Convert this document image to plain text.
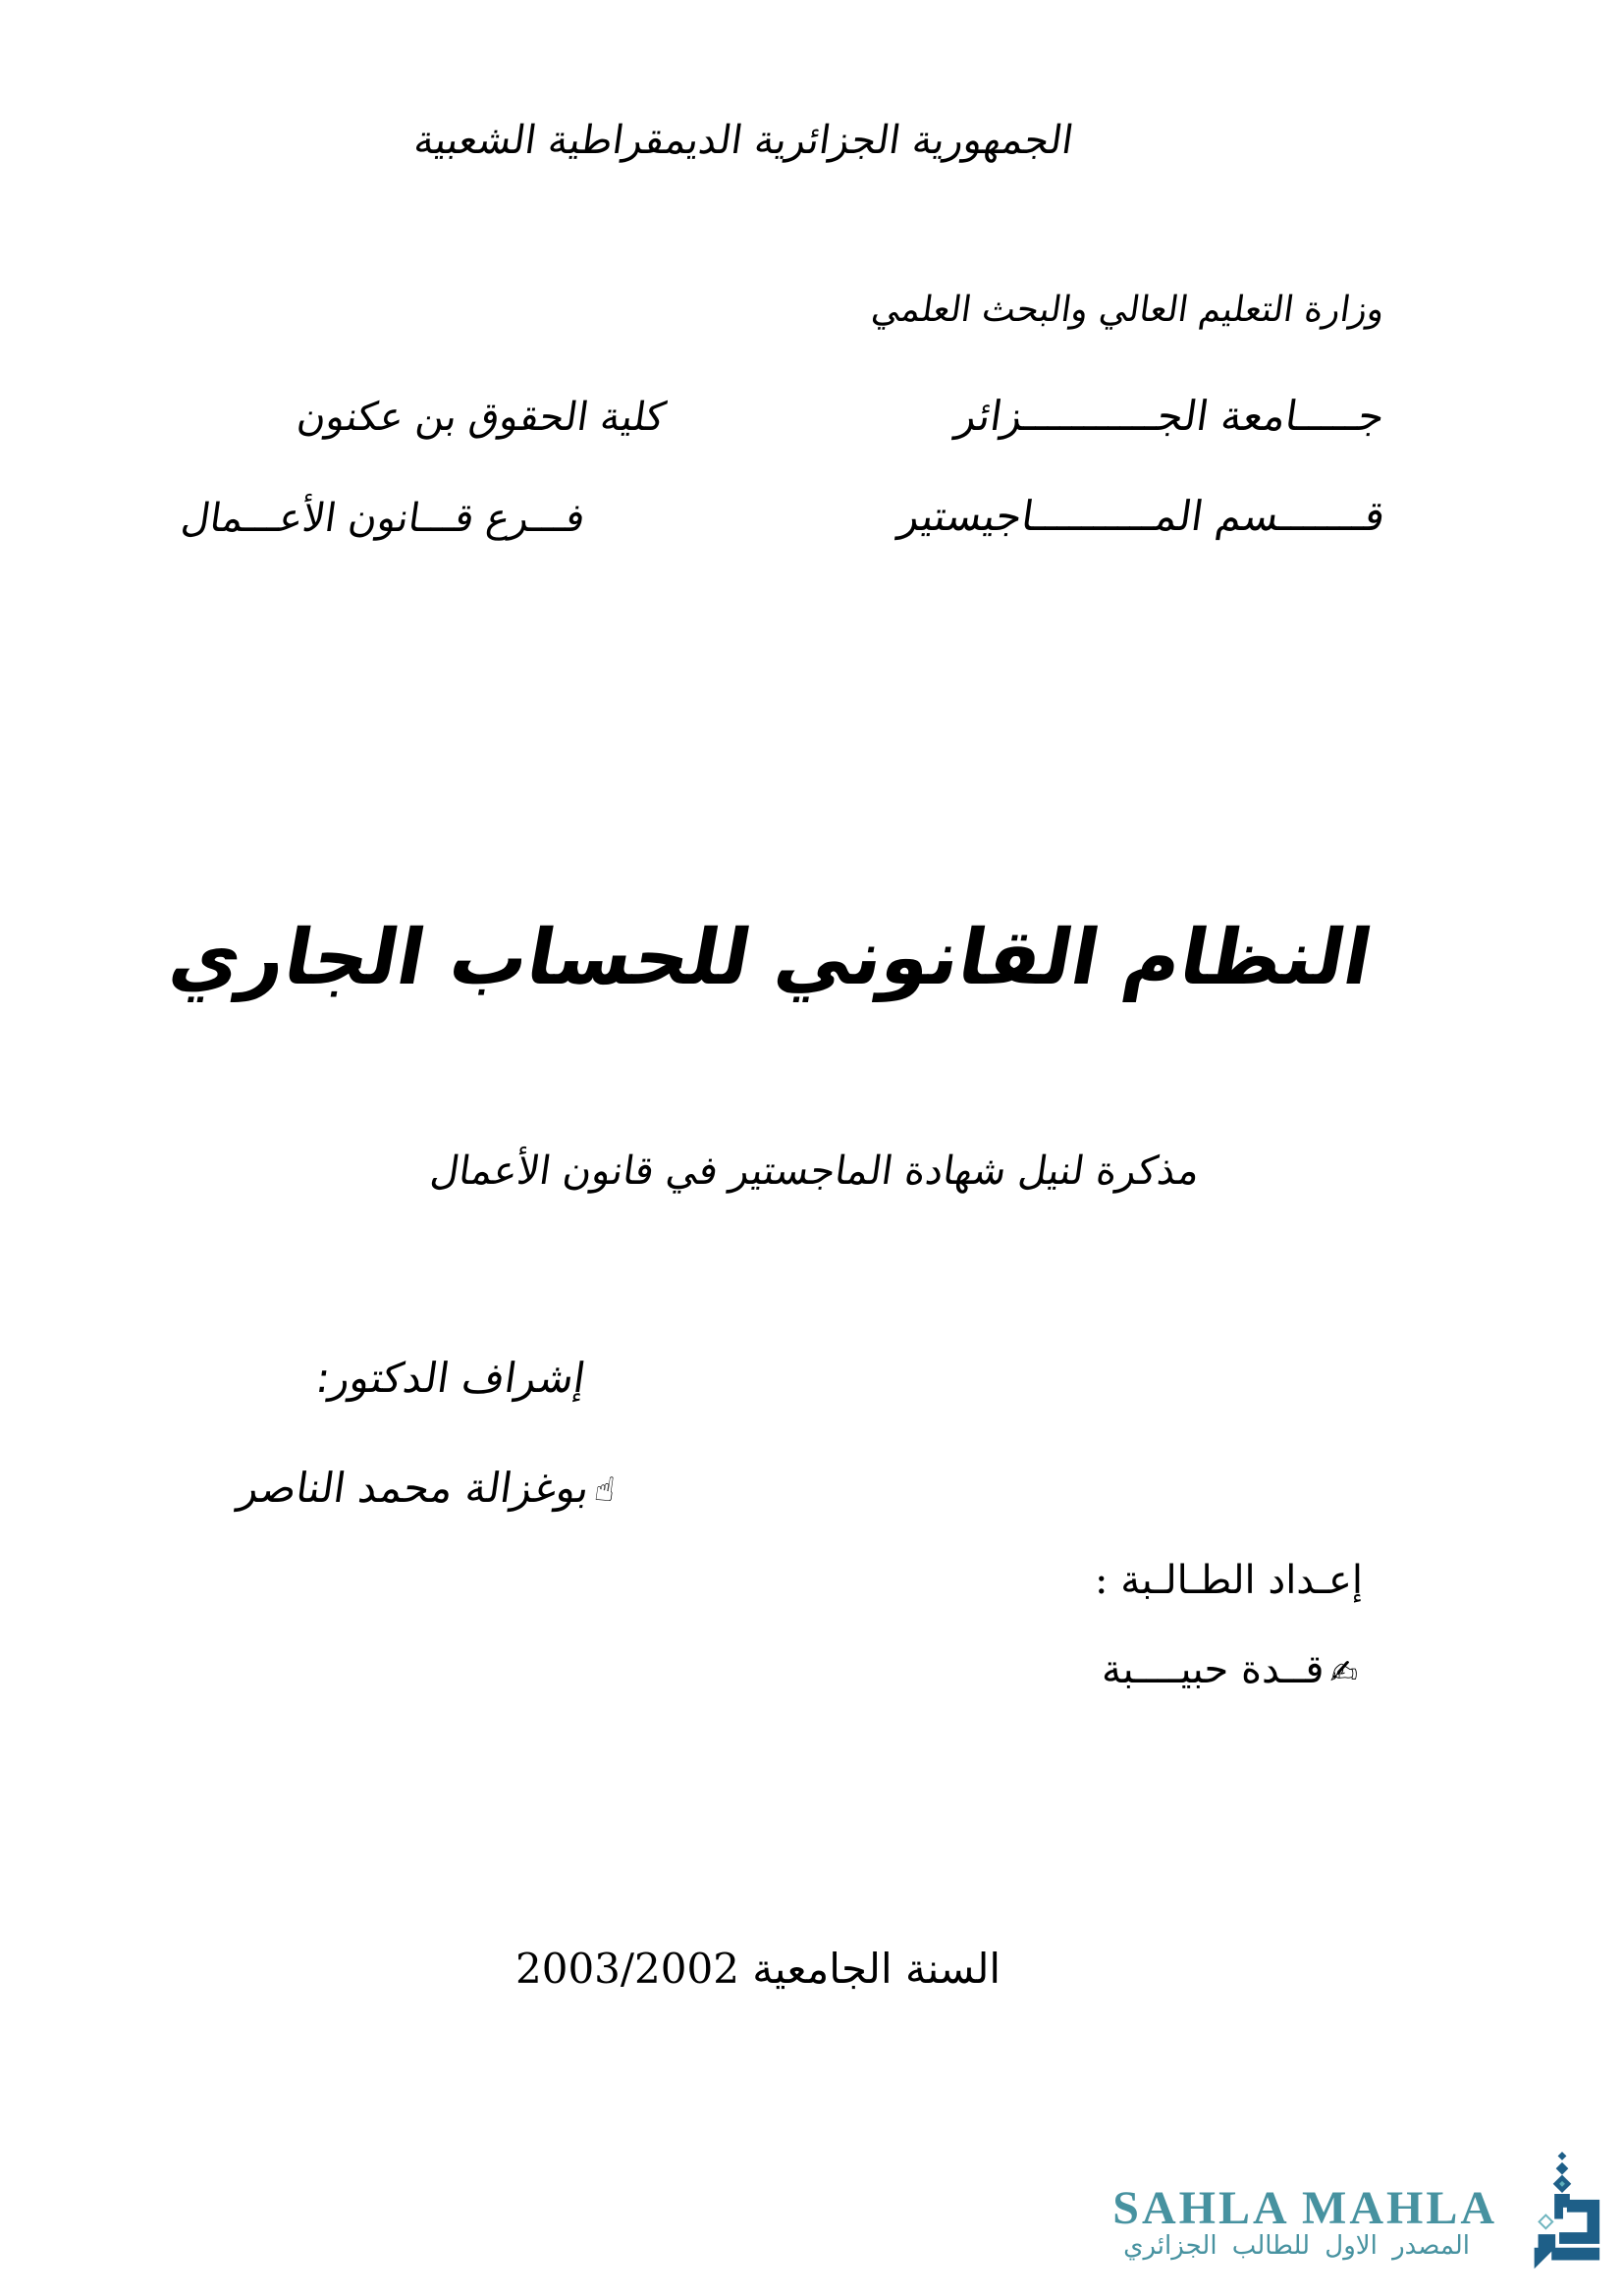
الجمهورية الجزائرية الديمقراطية الشعبية
وزارة التعليم العالي والبحث العلمي
جـــــامعة الجـــــــــــزائر
قـــــــسم المــــــــــاجيستير
كلية الحقوق بن عكنون
فـــرع قـــانون الأعـــمال
النظام القانوني للحساب الجاري
مذكرة لنيل شهادة الماجستير في قانون الأعمال
إشراف الدكتور:
☝بوغزالة محمد الناصر
إعـداد الطـالـبة :
✍قــدة حبيــــبة
السنة الجامعية 2003/2002
SAHLA MAHLA
المصدر الاول للطالب الجزائري
